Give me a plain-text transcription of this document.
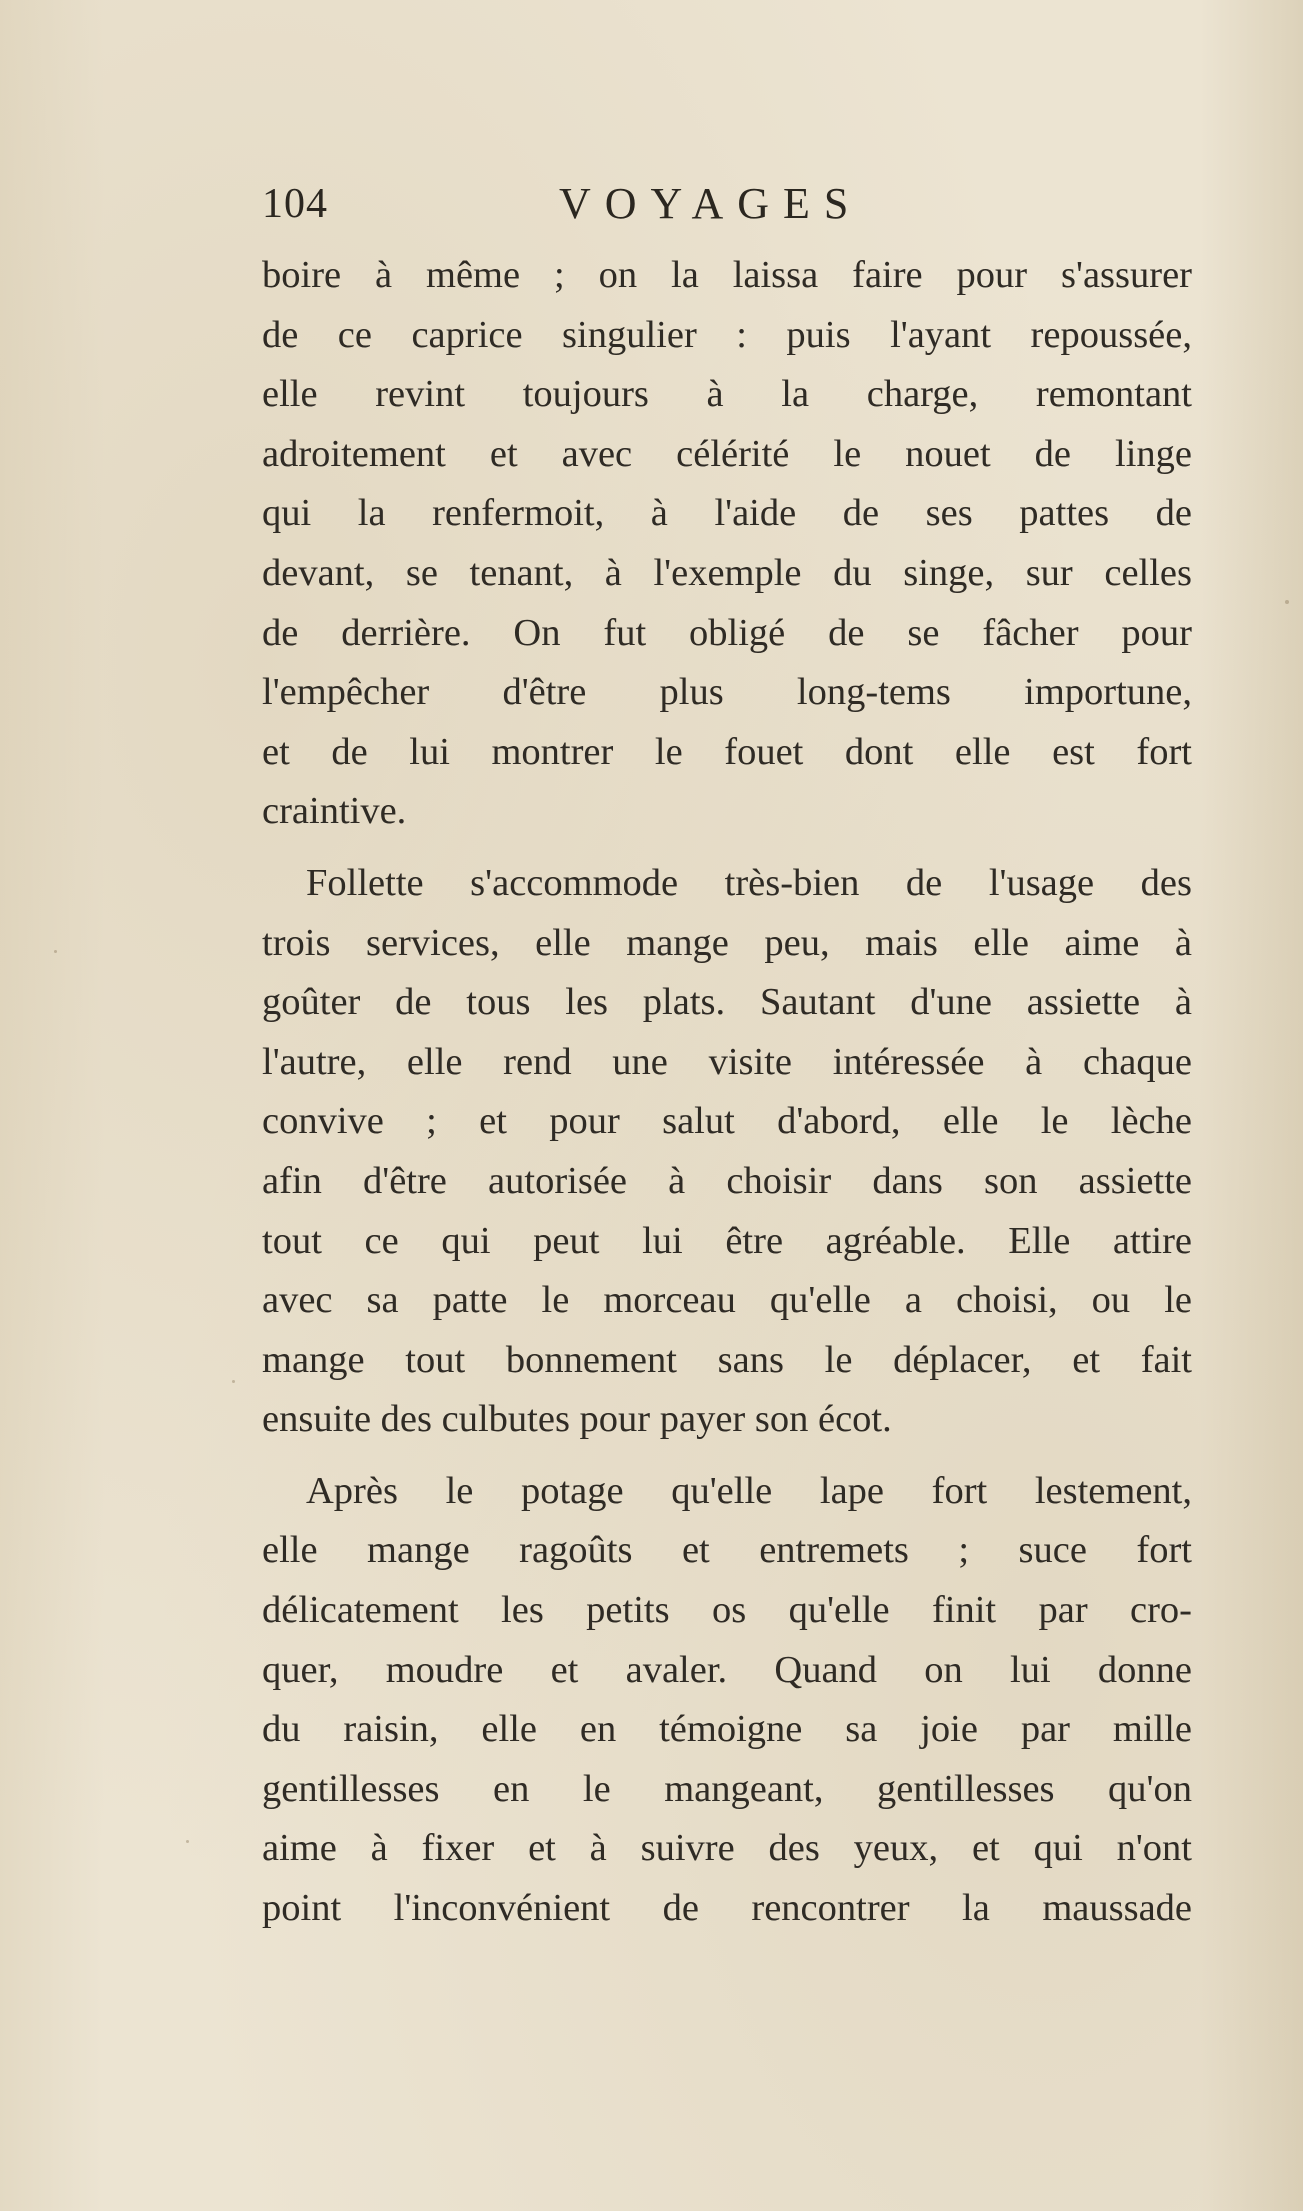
104	VOYAGES
boire à même ; on la laissa faire pour s'assurer
de ce caprice singulier : puis l'ayant repoussée,
elle revint toujours à la charge, remontant
adroitement et avec célérité le nouet de linge
qui la renfermoit, à l'aide de ses pattes de
devant, se tenant, à l'exemple du singe, sur celles
de derrière. On fut obligé de se fâcher pour
l'empêcher d'être plus long-tems importune,
et de lui montrer le fouet dont elle est fort
craintive.
Follette s'accommode très-bien de l'usage des
trois services, elle mange peu, mais elle aime à
goûter de tous les plats. Sautant d'une assiette à
l'autre, elle rend une visite intéressée à chaque
convive ; et pour salut d'abord, elle le lèche
afin d'être autorisée à choisir dans son assiette
tout ce qui peut lui être agréable. Elle attire
avec sa patte le morceau qu'elle a choisi, ou le
mange tout bonnement sans le déplacer, et fait
ensuite des culbutes pour payer son écot.
Après le potage qu'elle lape fort lestement,
elle mange ragoûts et entremets ; suce fort
délicatement les petits os qu'elle finit par cro-
quer, moudre et avaler. Quand on lui donne
du raisin, elle en témoigne sa joie par mille
gentillesses en le mangeant, gentillesses qu'on
aime à fixer et à suivre des yeux, et qui n'ont
point l'inconvénient de rencontrer la maussade
